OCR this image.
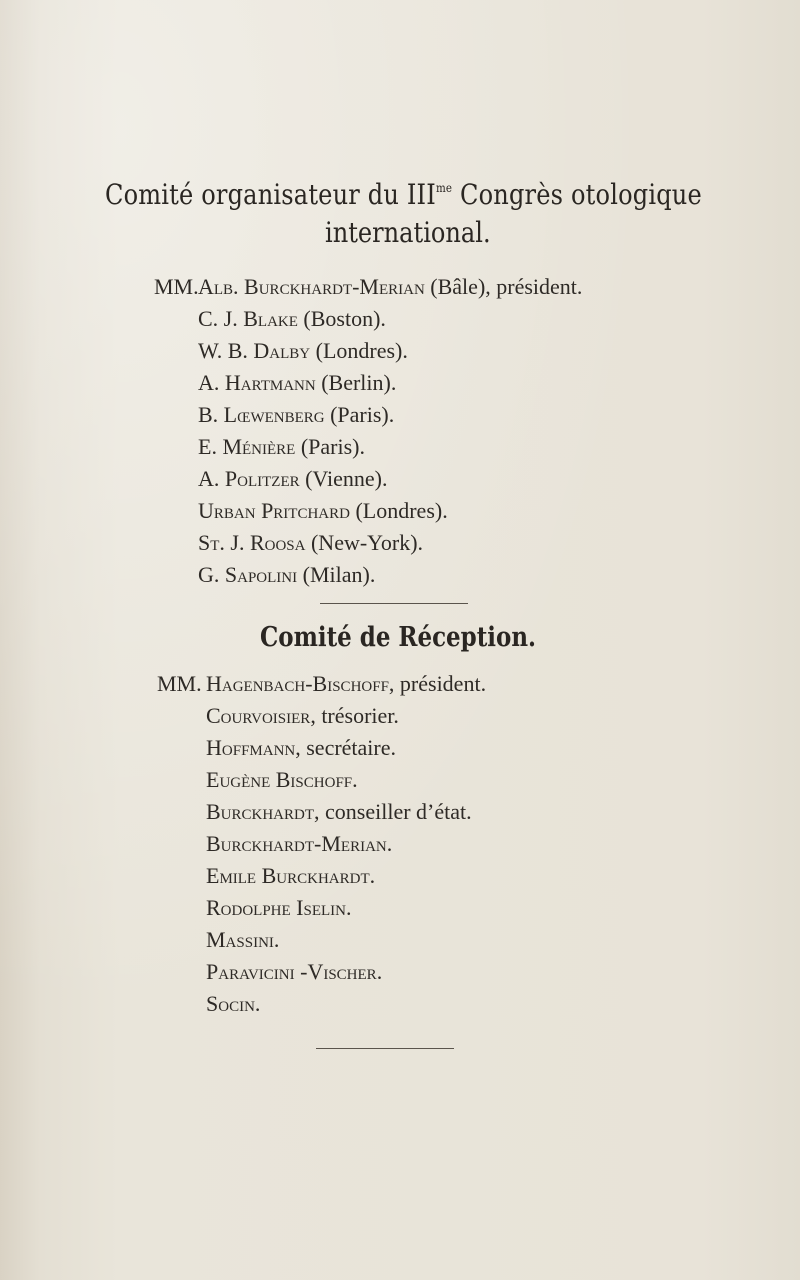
Comité organisateur du $III^{me}$ Congrès otologique
international.
MM. Alb. Burckhardt-Merian (Bâle), président.
C. J. Blake (Boston).
W. B. Dalby (Londres).
A. Hartmann (Berlin).
B. Lœwenberg (Paris).
E. Ménière (Paris).
A. Politzer (Vienne).
Urban Pritchard (Londres).
St. J. Roosa (New-York).
G. Sapolini (Milan).
Comité de Réception.
MM. Hagenbach-Bischoff, président.
Courvoisier, trésorier.
Hoffmann, secrétaire.
Eugène Bischoff.
Burckhardt, conseiller d’état.
Burckhardt-Merian.
Emile Burckhardt.
Rodolphe Iselin.
Massini.
Paravicini -Vischer.
Socin.
